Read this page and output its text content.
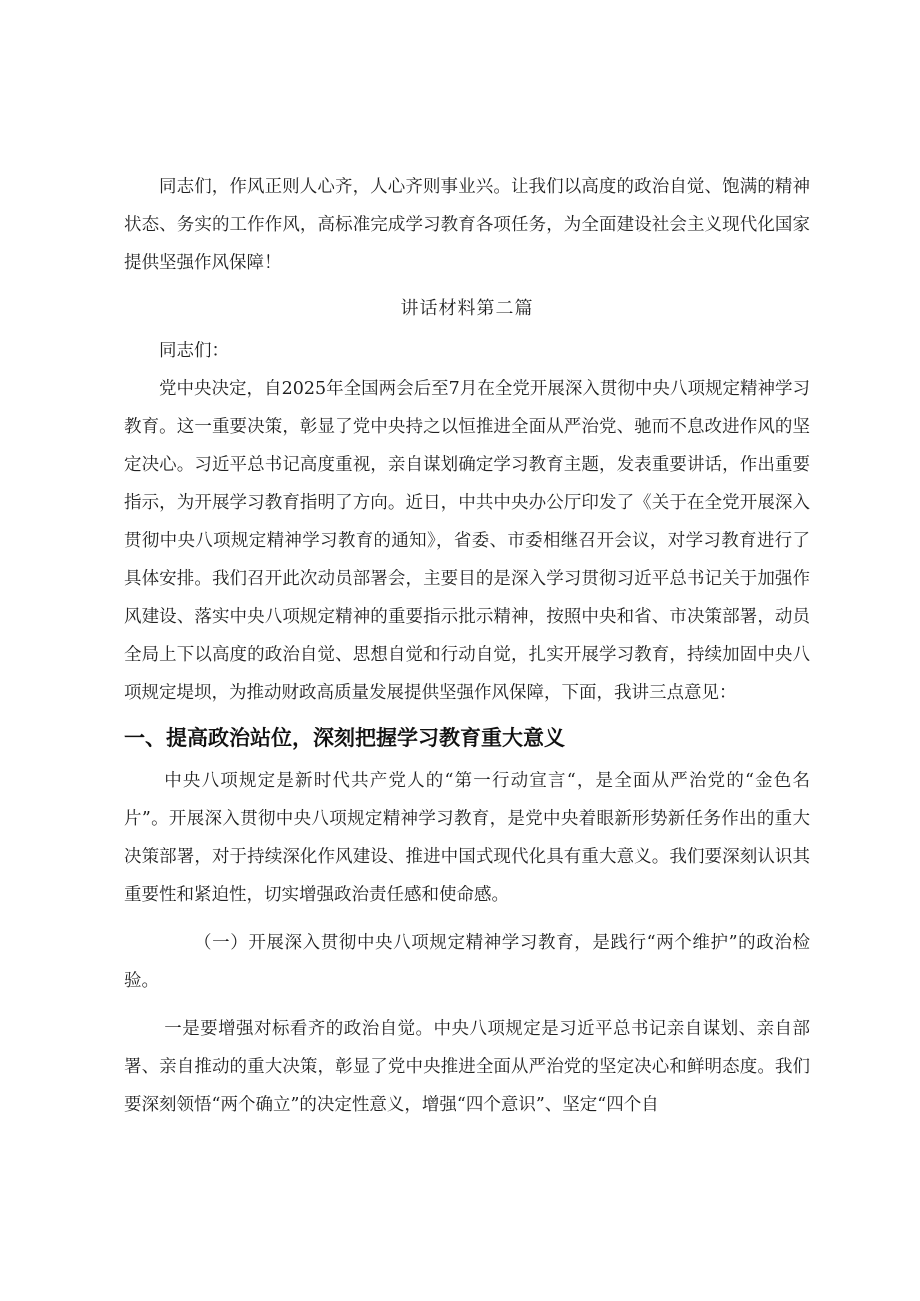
同志们，作风正则人心齐，人心齐则事业兴。让我们以高度的政治自觉、饱满的精神状态、务实的工作作风，高标准完成学习教育各项任务，为全面建设社会主义现代化国家提供坚强作风保障！

讲话材料第二篇

同志们：

党中央决定，自2025年全国两会后至7月在全党开展深入贯彻中央八项规定精神学习教育。这一重要决策，彰显了党中央持之以恒推进全面从严治党、驰而不息改进作风的坚定决心。习近平总书记高度重视，亲自谋划确定学习教育主题，发表重要讲话，作出重要指示，为开展学习教育指明了方向。近日，中共中央办公厅印发了《关于在全党开展深入贯彻中央八项规定精神学习教育的通知》，省委、市委相继召开会议，对学习教育进行了具体安排。我们召开此次动员部署会，主要目的是深入学习贯彻习近平总书记关于加强作风建设、落实中央八项规定精神的重要指示批示精神，按照中央和省、市决策部署，动员全局上下以高度的政治自觉、思想自觉和行动自觉，扎实开展学习教育，持续加固中央八项规定堤坝，为推动财政高质量发展提供坚强作风保障，下面，我讲三点意见：

一、提高政治站位，深刻把握学习教育重大意义

中央八项规定是新时代共产党人的“第一行动宣言“，是全面从严治党的“金色名片”。开展深入贯彻中央八项规定精神学习教育，是党中央着眼新形势新任务作出的重大决策部署，对于持续深化作风建设、推进中国式现代化具有重大意义。我们要深刻认识其重要性和紧迫性，切实增强政治责任感和使命感。

（一）开展深入贯彻中央八项规定精神学习教育，是践行“两个维护”的政治检验。

一是要增强对标看齐的政治自觉。中央八项规定是习近平总书记亲自谋划、亲自部署、亲自推动的重大决策，彰显了党中央推进全面从严治党的坚定决心和鲜明态度。我们要深刻领悟“两个确立”的决定性意义，增强“四个意识”、坚定“四个自
